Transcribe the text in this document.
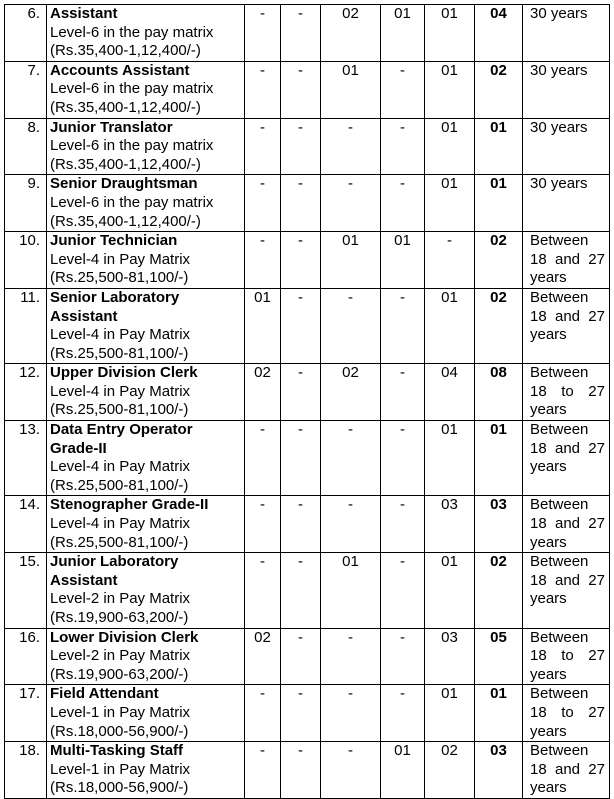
6.	Assistant
Level-6 in the pay matrix
(Rs.35,400-1,12,400/-)	-	-	02	01	01	04	30 years
7.	Accounts Assistant
Level-6 in the pay matrix
(Rs.35,400-1,12,400/-)	-	-	01	-	01	02	30 years
8.	Junior Translator
Level-6 in the pay matrix
(Rs.35,400-1,12,400/-)	-	-	-	-	01	01	30 years
9.	Senior Draughtsman
Level-6 in the pay matrix
(Rs.35,400-1,12,400/-)	-	-	-	-	01	01	30 years
10.	Junior Technician
Level-4 in Pay Matrix
(Rs.25,500-81,100/-)	-	-	01	01	-	02	Between 18 and 27 years
11.	Senior Laboratory Assistant
Level-4 in Pay Matrix
(Rs.25,500-81,100/-)	01	-	-	-	01	02	Between 18 and 27 years
12.	Upper Division Clerk
Level-4 in Pay Matrix
(Rs.25,500-81,100/-)	02	-	02	-	04	08	Between 18 to 27 years
13.	Data Entry Operator Grade-II
Level-4 in Pay Matrix
(Rs.25,500-81,100/-)	-	-	-	-	01	01	Between 18 and 27 years
14.	Stenographer Grade-II
Level-4 in Pay Matrix
(Rs.25,500-81,100/-)	-	-	-	-	03	03	Between 18 and 27 years
15.	Junior Laboratory Assistant
Level-2 in Pay Matrix
(Rs.19,900-63,200/-)	-	-	01	-	01	02	Between 18 and 27 years
16.	Lower Division Clerk
Level-2 in Pay Matrix
(Rs.19,900-63,200/-)	02	-	-	-	03	05	Between 18 to 27 years
17.	Field Attendant
Level-1 in Pay Matrix
(Rs.18,000-56,900/-)	-	-	-	-	01	01	Between 18 to 27 years
18.	Multi-Tasking Staff
Level-1 in Pay Matrix
(Rs.18,000-56,900/-)	-	-	-	01	02	03	Between 18 and 27 years
